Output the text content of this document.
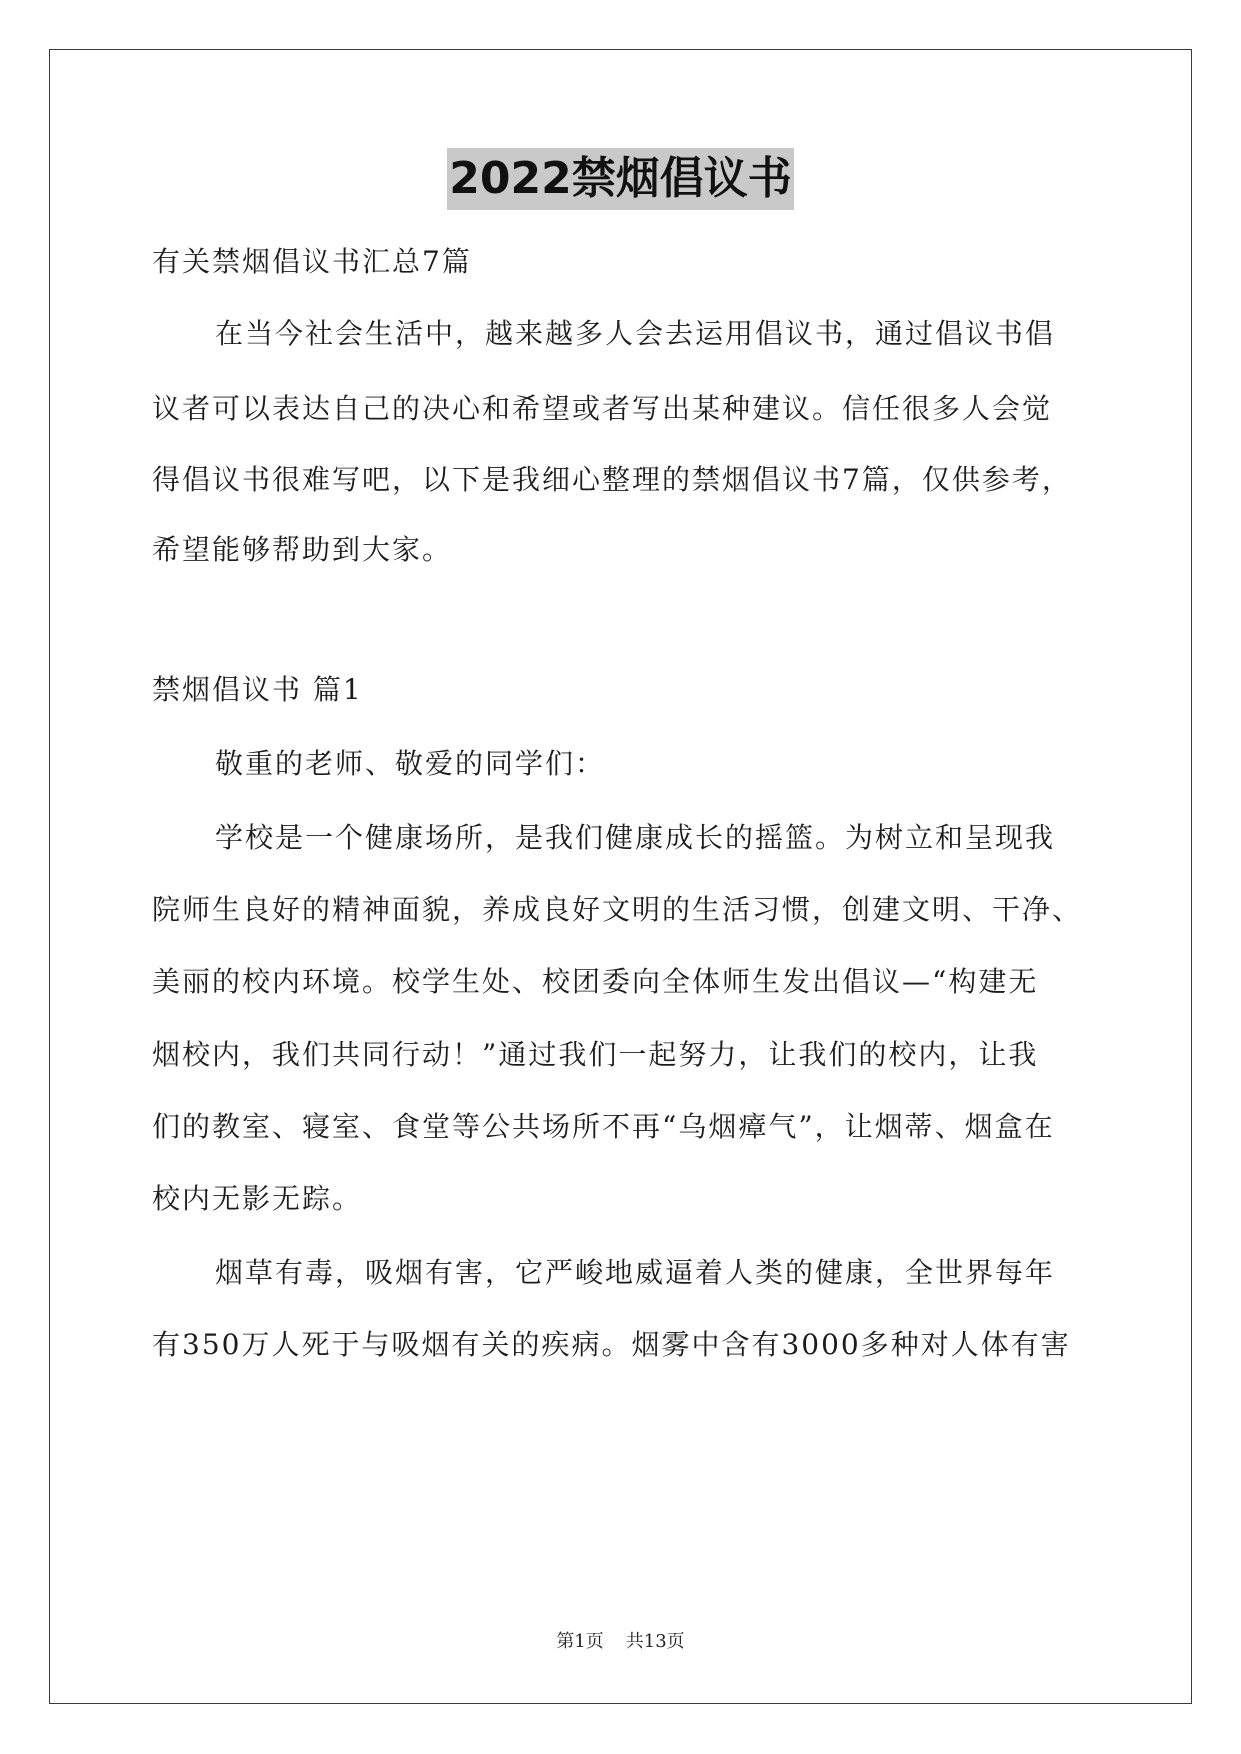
2022禁烟倡议书
有关禁烟倡议书汇总7篇
在当今社会生活中，越来越多人会去运用倡议书，通过倡议书倡
议者可以表达自己的决心和希望或者写出某种建议。信任很多人会觉
得倡议书很难写吧，以下是我细心整理的禁烟倡议书7篇，仅供参考，
希望能够帮助到大家。
禁烟倡议书 篇1
敬重的老师、敬爱的同学们：
学校是一个健康场所，是我们健康成长的摇篮。为树立和呈现我
院师生良好的精神面貌，养成良好文明的生活习惯，创建文明、干净、
美丽的校内环境。校学生处、校团委向全体师生发出倡议—“构建无
烟校内，我们共同行动！”通过我们一起努力，让我们的校内，让我
们的教室、寝室、食堂等公共场所不再“乌烟瘴气”，让烟蒂、烟盒在
校内无影无踪。
烟草有毒，吸烟有害，它严峻地威逼着人类的健康，全世界每年
有350万人死于与吸烟有关的疾病。烟雾中含有3000多种对人体有害
第1页 共13页
